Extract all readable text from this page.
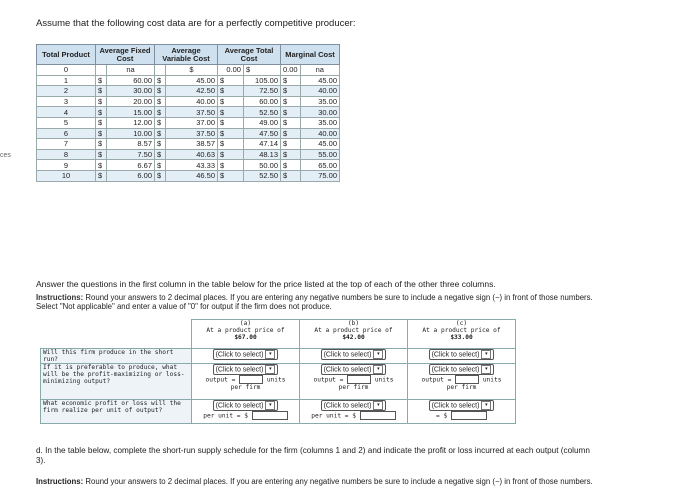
Assume that the following cost data are for a perfectly competitive producer:
ces
Total Product	Average Fixed Cost		Average Variable Cost		Average Total Cost		Marginal Cost	
0		na		$	0.00	$	0.00	na
1	$	60.00	$	45.00	$	105.00	$	45.00
2	$	30.00	$	42.50	$	72.50	$	40.00
3	$	20.00	$	40.00	$	60.00	$	35.00
4	$	15.00	$	37.50	$	52.50	$	30.00
5	$	12.00	$	37.00	$	49.00	$	35.00
6	$	10.00	$	37.50	$	47.50	$	40.00
7	$	8.57	$	38.57	$	47.14	$	45.00
8	$	7.50	$	40.63	$	48.13	$	55.00
9	$	6.67	$	43.33	$	50.00	$	65.00
10	$	6.00	$	46.50	$	52.50	$	75.00
Answer the questions in the first column in the table below for the price listed at the top of each of the other three columns.
Instructions: Round your answers to 2 decimal places. If you are entering any negative numbers be sure to include a negative sign (−) in front of those numbers. Select "Not applicable" and enter a value of "0" for output if the firm does not produce.
	(a)
At a product price of
$67.00	(b)
At a product price of
$42.00	(c)
At a product price of
$33.00
Will this firm produce in the short run?	(Click to select) ▾	(Click to select) ▾	(Click to select) ▾
If it is preferable to produce, what will be the profit-maximizing or loss-minimizing output?	(Click to select) ▾
output = units
per firm	(Click to select) ▾
output = units
per firm	(Click to select) ▾
output = units
per firm
What economic profit or loss will the firm realize per unit of output?	(Click to select) ▾
per unit = $	(Click to select) ▾
per unit = $	(Click to select) ▾
= $
d. In the table below, complete the short-run supply schedule for the firm (columns 1 and 2) and indicate the profit or loss incurred at each output (column 3).
Instructions: Round your answers to 2 decimal places. If you are entering any negative numbers be sure to include a negative sign (−) in front of those numbers.
